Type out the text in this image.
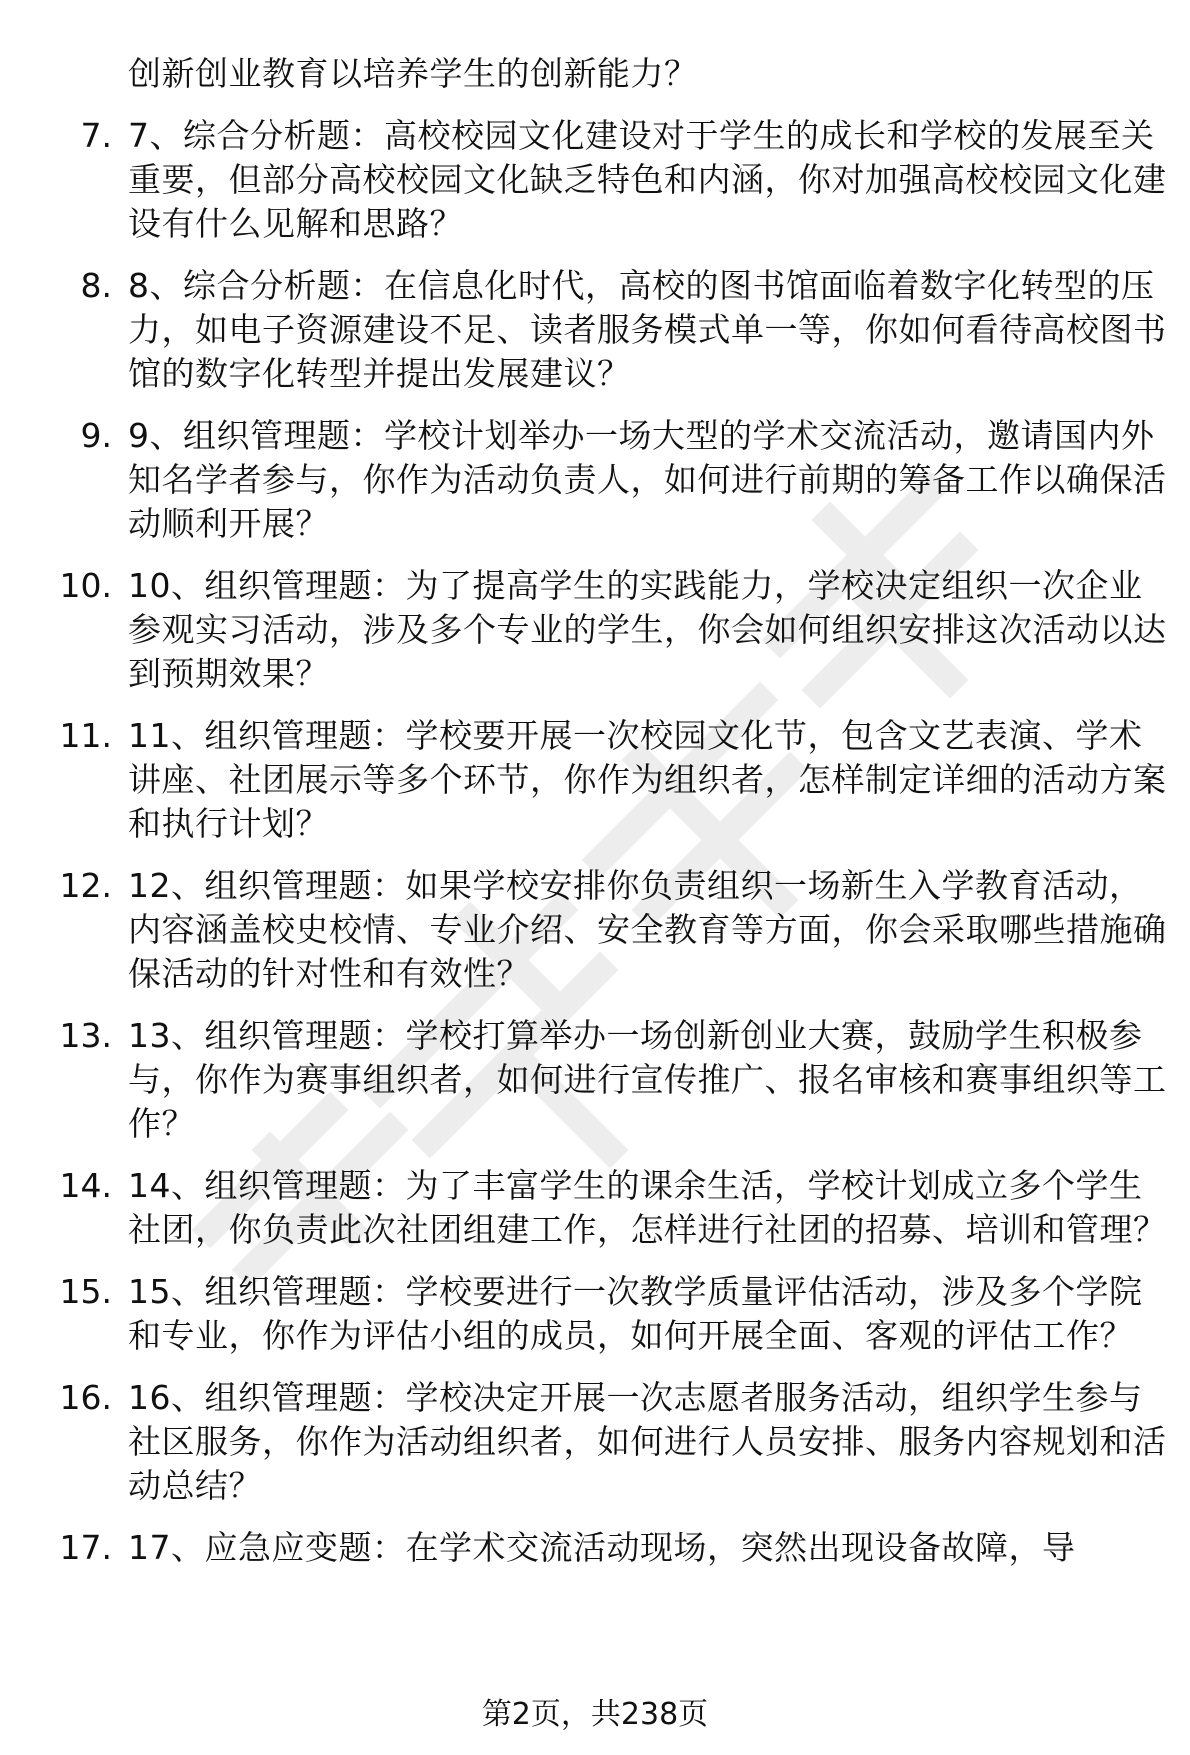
创新创业教育以培养学生的创新能力？
7. 7、综合分析题：高校校园文化建设对于学生的成长和学校的发展至关重要，但部分高校校园文化缺乏特色和内涵，你对加强高校校园文化建设有什么见解和思路？
8. 8、综合分析题：在信息化时代，高校的图书馆面临着数字化转型的压力，如电子资源建设不足、读者服务模式单一等，你如何看待高校图书馆的数字化转型并提出发展建议？
9. 9、组织管理题：学校计划举办一场大型的学术交流活动，邀请国内外知名学者参与，你作为活动负责人，如何进行前期的筹备工作以确保活动顺利开展？
10. 10、组织管理题：为了提高学生的实践能力，学校决定组织一次企业参观实习活动，涉及多个专业的学生，你会如何组织安排这次活动以达到预期效果？
11. 11、组织管理题：学校要开展一次校园文化节，包含文艺表演、学术讲座、社团展示等多个环节，你作为组织者，怎样制定详细的活动方案和执行计划？
12. 12、组织管理题：如果学校安排你负责组织一场新生入学教育活动，内容涵盖校史校情、专业介绍、安全教育等方面，你会采取哪些措施确保活动的针对性和有效性？
13. 13、组织管理题：学校打算举办一场创新创业大赛，鼓励学生积极参与，你作为赛事组织者，如何进行宣传推广、报名审核和赛事组织等工作？
14. 14、组织管理题：为了丰富学生的课余生活，学校计划成立多个学生社团，你负责此次社团组建工作，怎样进行社团的招募、培训和管理？
15. 15、组织管理题：学校要进行一次教学质量评估活动，涉及多个学院和专业，你作为评估小组的成员，如何开展全面、客观的评估工作？
16. 16、组织管理题：学校决定开展一次志愿者服务活动，组织学生参与社区服务，你作为活动组织者，如何进行人员安排、服务内容规划和活动总结？
17. 17、应急应变题：在学术交流活动现场，突然出现设备故障，导
第2页，共238页
